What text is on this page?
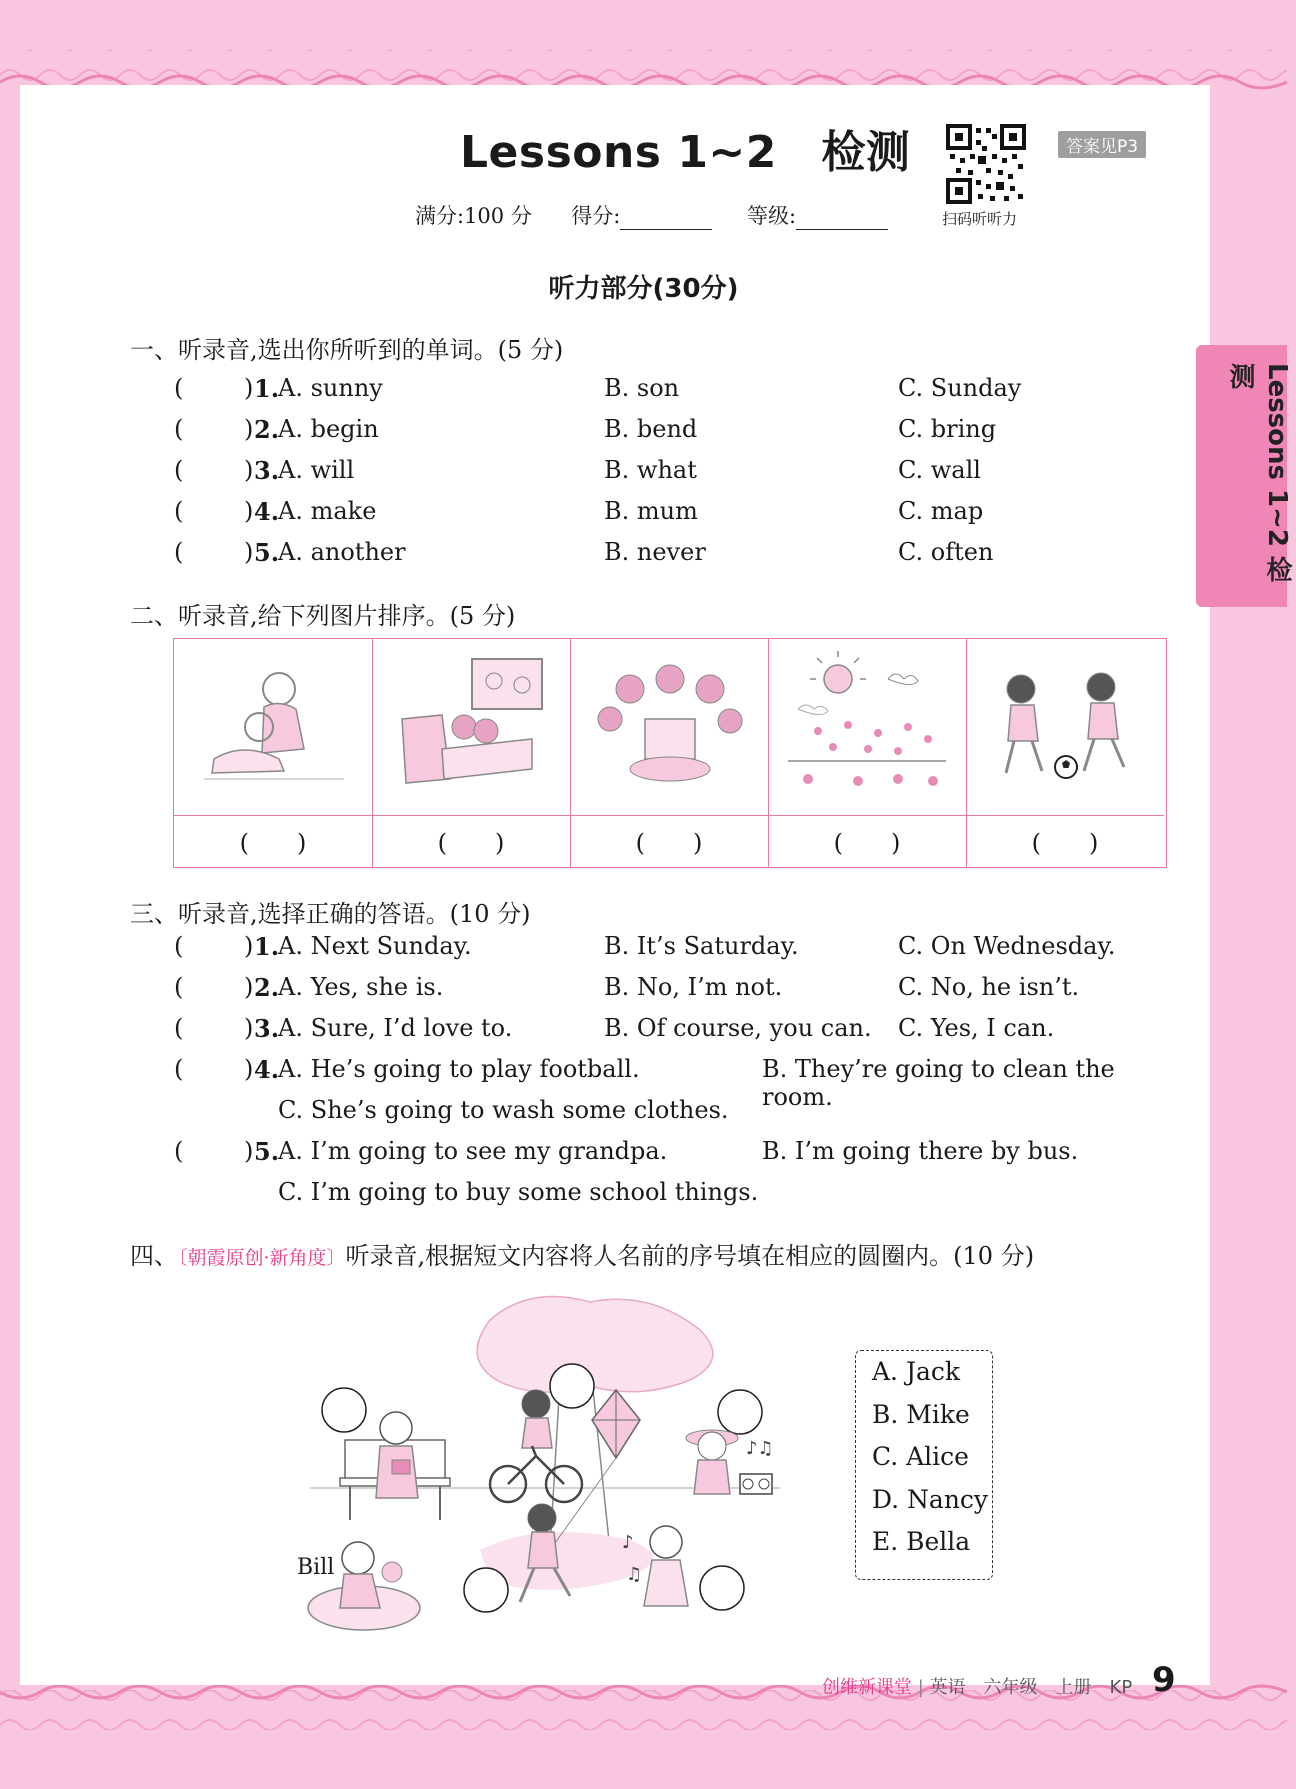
Lessons 1~2　检测
扫码听听力
答案见P3
满分:100 分 得分:	等级:
Lessons 1~2 检测
听力部分(30分)
一、听录音,选出你所听到的单词。(5 分)
二、听录音,给下列图片排序。(5 分)
(　　)	(　　)	(　　)	(　　)	(　　)
三、听录音,选择正确的答语。(10 分)
四、〔朝霞原创·新角度〕听录音,根据短文内容将人名前的序号填在相应的圆圈内。(10 分)
♪♫
♪
♫
Bill
A. Jack
B. Mike
C. Alice
D. Nancy
E. Bella
创维新课堂 | 英语　六年级　上册　KP 9
(	) 1.
A. sunny	B. son	C. Sunday
(	) 2.
A. begin	B. bend	C. bring
(	) 3.
A. will	B. what	C. wall
(	) 4.
A. make	B. mum	C. map
(	) 5.
A. another	B. never	C. often
(	) 1.
A. Next Sunday.	B. It’s Saturday.	C. On Wednesday.
(	) 2.
A. Yes, she is.	B. No, I’m not.	C. No, he isn’t.
(	) 3.
A. Sure, I’d love to.	B. Of course, you can. C. Yes, I can.
(	) 4.
A. He’s going to play football.	B. They’re going to clean the room.
C. She’s going to wash some clothes.
(	) 5.
A. I’m going to see my grandpa.	B. I’m going there by bus.
C. I’m going to buy some school things.
